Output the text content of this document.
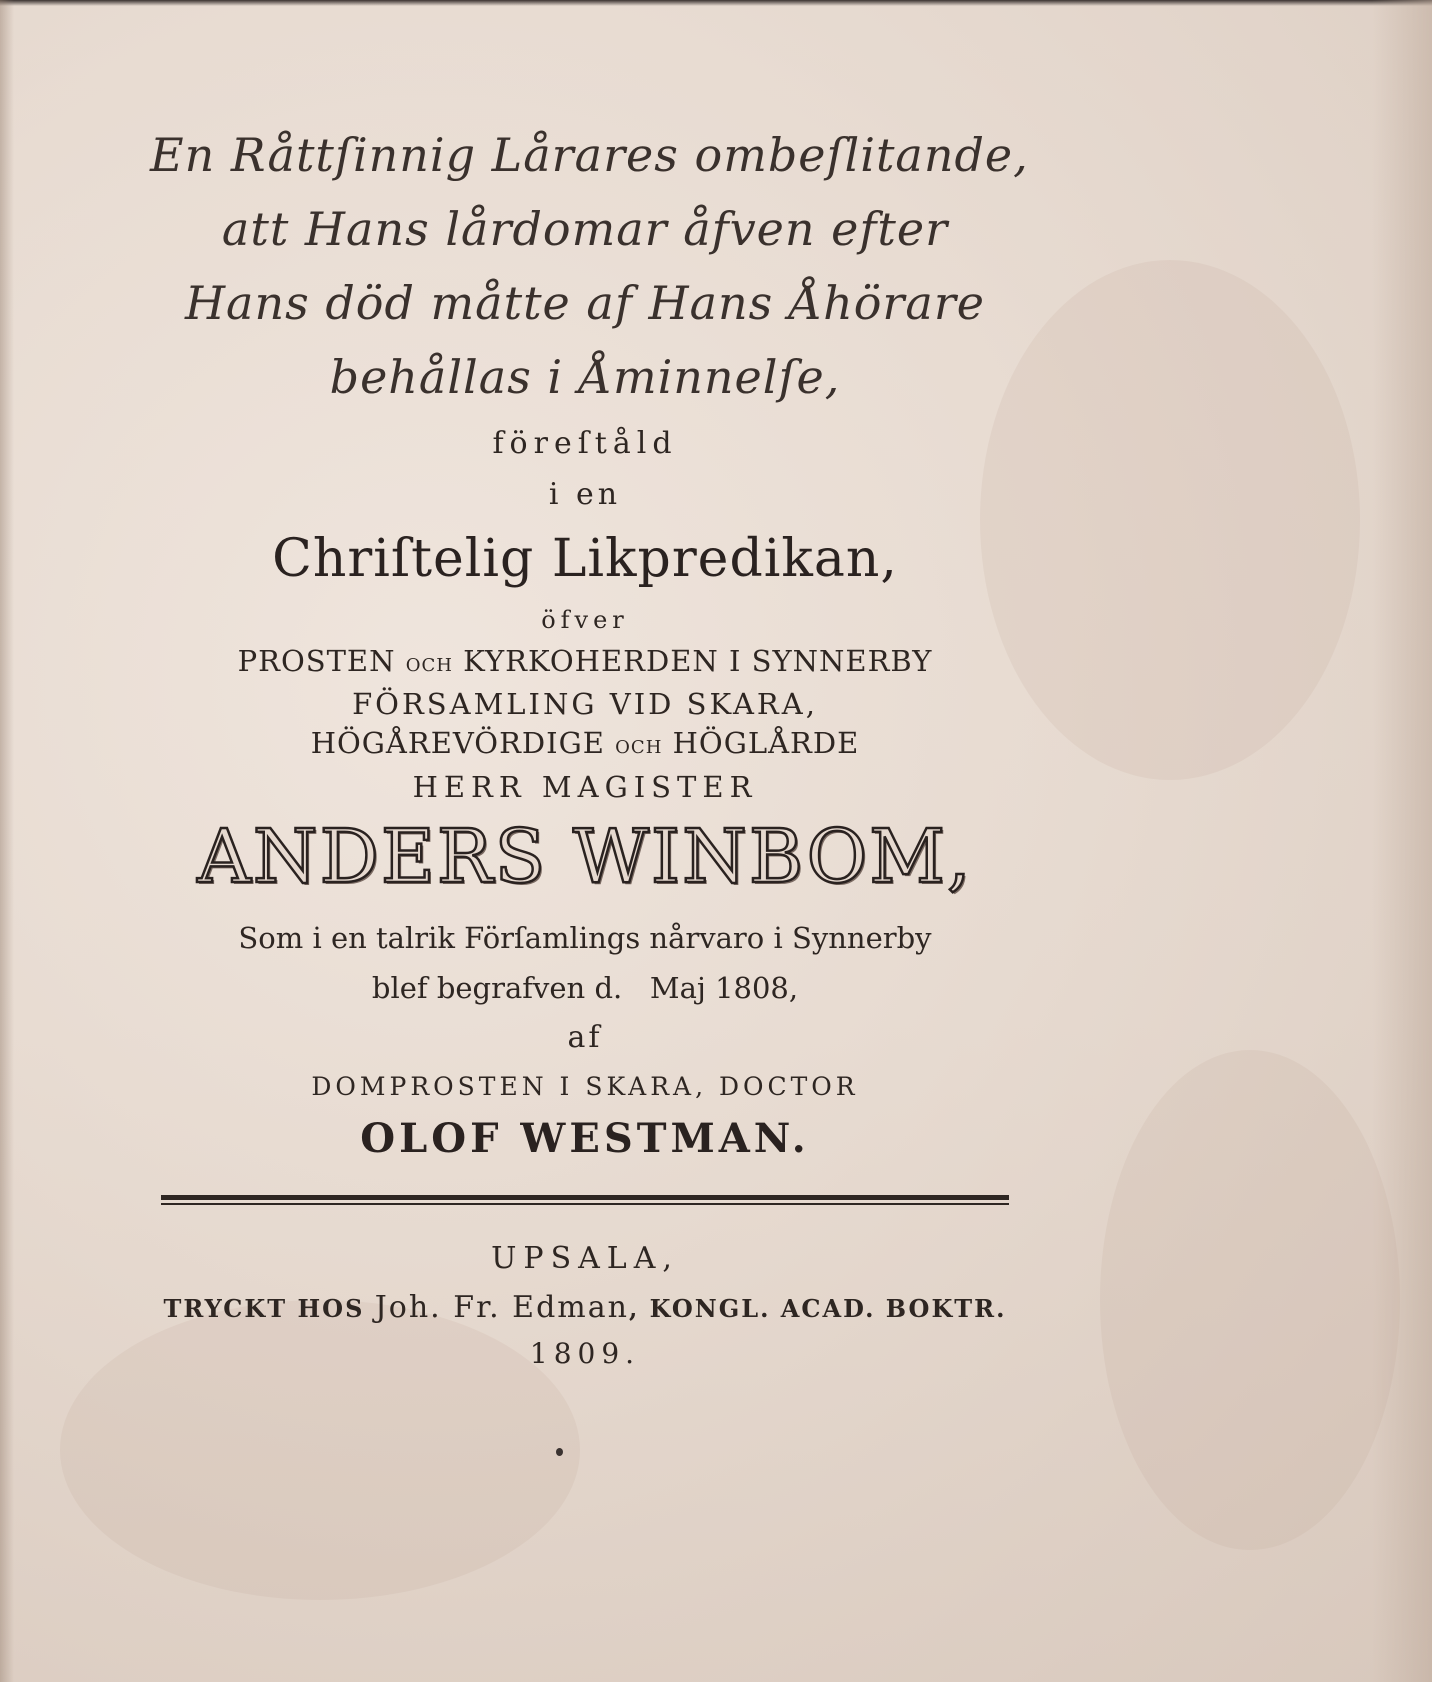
En Råttſinnig Lårares ombeſlitande,
att Hans lårdomar åfven efter
Hans död måtte af Hans Åhörare
behållas i Åminnelſe,
föreſtåld
i en
Chriſtelig Likpredikan,
öfver
PROSTEN OCH KYRKOHERDEN I SYNNERBY
FÖRSAMLING VID SKARA,
HÖGÅREVÖRDIGE OCH HÖGLÅRDE
HERR MAGISTER
ANDERS WINBOM,
Som i en talrik Förſamlings nårvaro i Synnerby
blef begrafven d.   Maj 1808,
af
DOMPROSTEN I SKARA, DOCTOR
OLOF WESTMAN.
UPSALA,
TRYCKT HOS Joh. Fr. Edman, KONGL. ACAD. BOKTR.
1809.
